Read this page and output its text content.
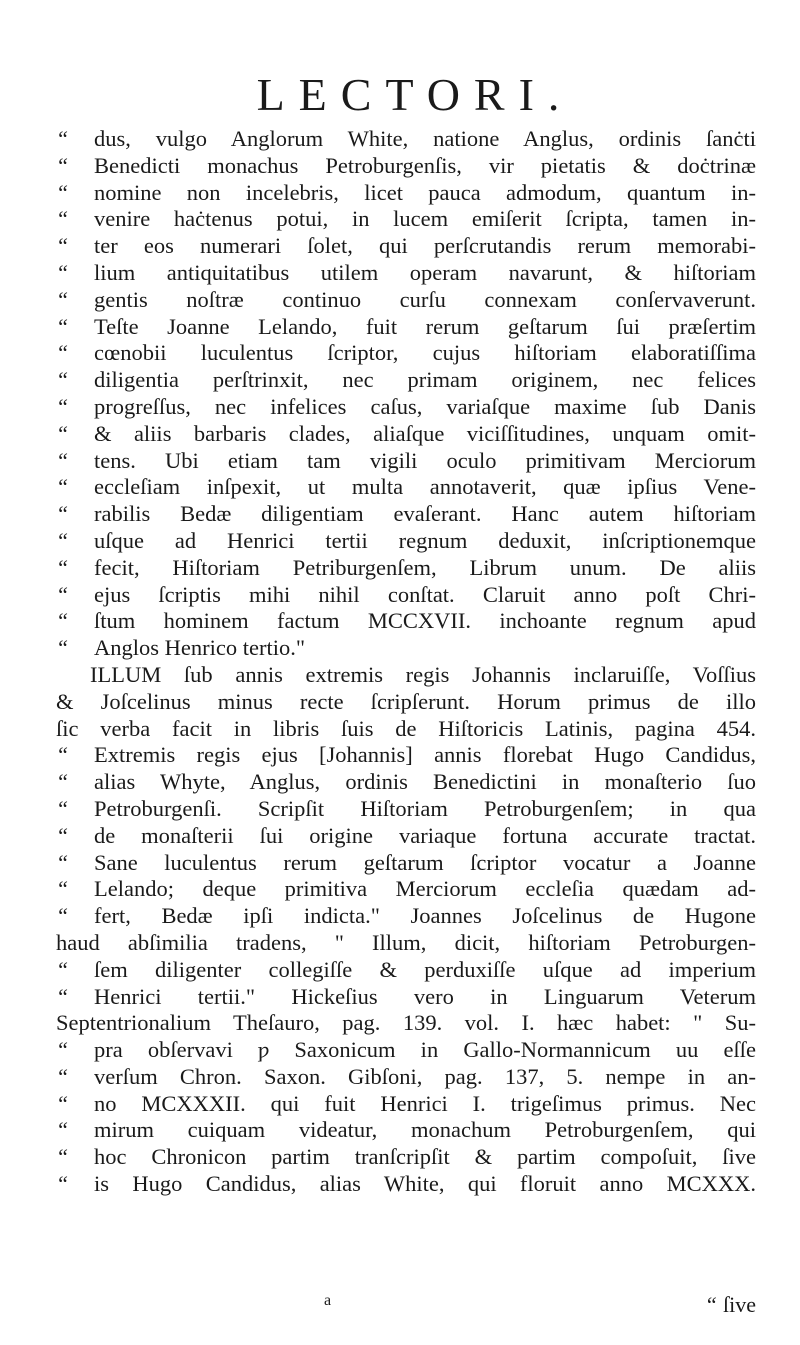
LECTORI.
“	dus, vulgo Anglorum White, natione Anglus, ordinis ſanċti
“	Benedicti monachus Petroburgenſis, vir pietatis & doċtrinæ
“	nomine non incelebris, licet pauca admodum, quantum in-
“	venire haċtenus potui, in lucem emiſerit ſcripta, tamen in-
“	ter eos numerari ſolet, qui perſcrutandis rerum memorabi-
“	lium antiquitatibus utilem operam navarunt, & hiſtoriam
“	gentis noſtræ continuo curſu connexam conſervaverunt.
“	Teſte Joanne Lelando, fuit rerum geſtarum ſui præſertim
“	cœnobii luculentus ſcriptor, cujus hiſtoriam elaboratiſſima
“	diligentia perſtrinxit, nec primam originem, nec felices
“	progreſſus, nec infelices caſus, variaſque maxime ſub Danis
“	& aliis barbaris clades, aliaſque viciſſitudines, unquam omit-
“	tens. Ubi etiam tam vigili oculo primitivam Merciorum
“	eccleſiam inſpexit, ut multa annotaverit, quæ ipſius Vene-
“	rabilis Bedæ diligentiam evaſerant. Hanc autem hiſtoriam
“	uſque ad Henrici tertii regnum deduxit, inſcriptionemque
“	fecit, Hiſtoriam Petriburgenſem, Librum unum. De aliis
“	ejus ſcriptis mihi nihil conſtat. Claruit anno poſt Chri-
“	ſtum hominem factum MCCXVII. inchoante regnum apud
“	Anglos Henrico tertio."
ILLUM ſub annis extremis regis Johannis inclaruiſſe, Voſſius
& Joſcelinus minus recte ſcripſerunt. Horum primus de illo
ſic verba facit in libris ſuis de Hiſtoricis Latinis, pagina 454.
“	Extremis regis ejus [Johannis] annis florebat Hugo Candidus,
“	alias Whyte, Anglus, ordinis Benedictini in monaſterio ſuo
“	Petroburgenſi. Scripſit Hiſtoriam Petroburgenſem; in qua
“	de monaſterii ſui origine variaque fortuna accurate tractat.
“	Sane luculentus rerum geſtarum ſcriptor vocatur a Joanne
“	Lelando; deque primitiva Merciorum eccleſia quædam ad-
“	fert, Bedæ ipſi indicta." Joannes Joſcelinus de Hugone
haud abſimilia tradens, " Illum, dicit, hiſtoriam Petroburgen-
“	ſem diligenter collegiſſe & perduxiſſe uſque ad imperium
“	Henrici tertii." Hickeſius vero in Linguarum Veterum
Septentrionalium Theſauro, pag. 139. vol. I. hæc habet: " Su-
“	pra obſervavi ƿ Saxonicum in Gallo-Normannicum uu eſſe
“	verſum Chron. Saxon. Gibſoni, pag. 137, 5. nempe in an-
“	no MCXXXII. qui fuit Henrici I. trigeſimus primus. Nec
“	mirum cuiquam videatur, monachum Petroburgenſem, qui
“	hoc Chronicon partim tranſcripſit & partim compoſuit, ſive
“	is Hugo Candidus, alias White, qui floruit anno MCXXX.
a	“ ſive
